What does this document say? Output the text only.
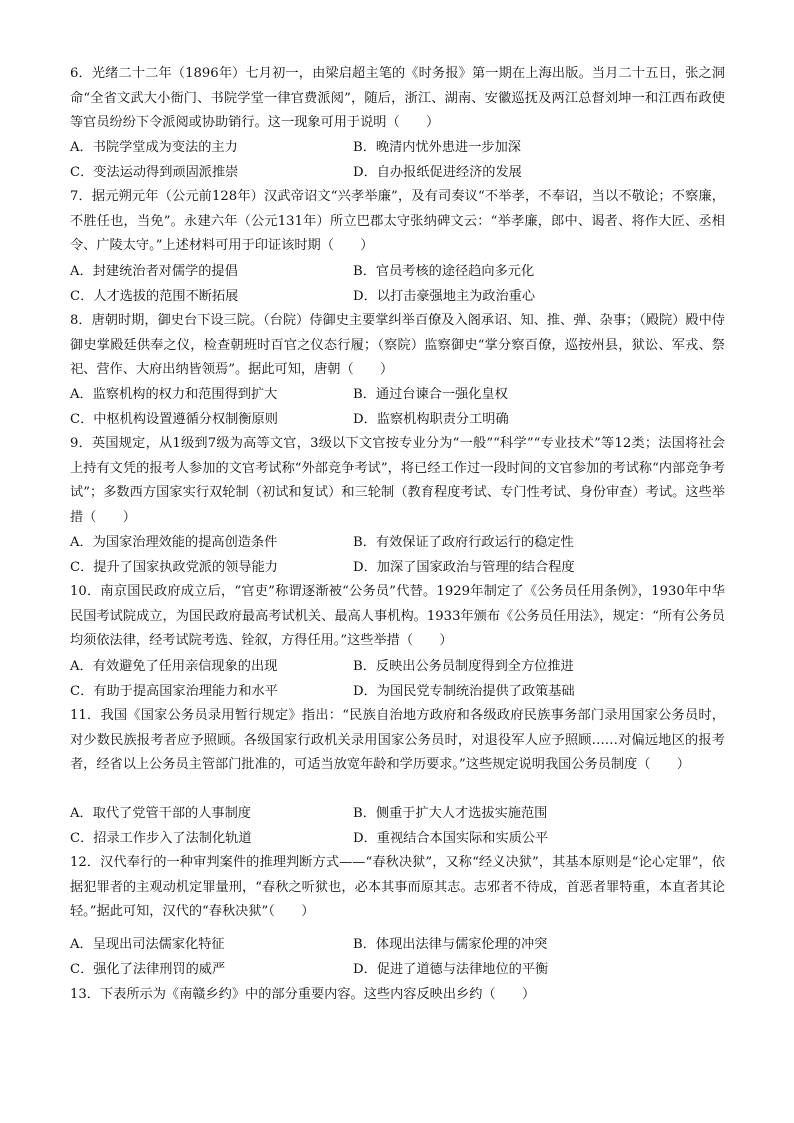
6．光绪二十二年（1896年）七月初一，由梁启超主笔的《时务报》第一期在上海出版。当月二十五日，张之洞命“全省文武大小衙门、书院学堂一律官费派阅”，随后，浙江、湖南、安徽巡抚及两江总督刘坤一和江西布政使等官员纷纷下令派阅或协助销行。这一现象可用于说明（　　）

A．书院学堂成为变法的主力	B．晚清内忧外患进一步加深
C．变法运动得到顽固派推崇	D．自办报纸促进经济的发展

7．据元朔元年（公元前128年）汉武帝诏文“兴孝举廉”，及有司奏议“不举孝，不奉诏，当以不敬论；不察廉，不胜任也，当免”。永建六年（公元131年）所立巴郡太守张纳碑文云：“举孝廉，郎中、谒者、将作大匠、丞相令、广陵太守。”上述材料可用于印证该时期（　　）

A．封建统治者对儒学的提倡	B．官员考核的途径趋向多元化
C．人才选拔的范围不断拓展	D．以打击豪强地主为政治重心

8．唐朝时期，御史台下设三院。（台院）侍御史主要掌纠举百僚及入阁承诏、知、推、弹、杂事；（殿院）殿中侍御史掌殿廷供奉之仪，检查朝班时百官之仪态行履；（察院）监察御史“掌分察百僚，巡按州县，狱讼、军戎、祭祀、营作、大府出纳皆领焉”。据此可知，唐朝（　　）

A．监察机构的权力和范围得到扩大	B．通过台谏合一强化皇权
C．中枢机构设置遵循分权制衡原则	D．监察机构职责分工明确

9．英国规定，从1级到7级为高等文官，3级以下文官按专业分为“一般”“科学”“专业技术”等12类；法国将社会上持有文凭的报考人参加的文官考试称“外部竞争考试”，将已经工作过一段时间的文官参加的考试称“内部竞争考试”；多数西方国家实行双轮制（初试和复试）和三轮制（教育程度考试、专门性考试、身份审查）考试。这些举措（　　）

A．为国家治理效能的提高创造条件	B．有效保证了政府行政运行的稳定性
C．提升了国家执政党派的领导能力	D．加深了国家政治与管理的结合程度

10．南京国民政府成立后，“官吏”称谓逐渐被“公务员”代替。1929年制定了《公务员任用条例》，1930年中华民国考试院成立，为国民政府最高考试机关、最高人事机构。1933年颁布《公务员任用法》，规定：“所有公务员均须依法律，经考试院考选、铨叙，方得任用。”这些举措（　　）

A．有效避免了任用亲信现象的出现	B．反映出公务员制度得到全方位推进
C．有助于提高国家治理能力和水平	D．为国民党专制统治提供了政策基础

11．我国《国家公务员录用暂行规定》指出：“民族自治地方政府和各级政府民族事务部门录用国家公务员时，对少数民族报考者应予照顾。各级国家行政机关录用国家公务员时，对退役军人应予照顾……对偏远地区的报考者，经省以上公务员主管部门批准的，可适当放宽年龄和学历要求。”这些规定说明我国公务员制度（　　）

A．取代了党管干部的人事制度	B．侧重于扩大人才选拔实施范围
C．招录工作步入了法制化轨道	D．重视结合本国实际和实质公平

12．汉代奉行的一种审判案件的推理判断方式——“春秋决狱”，又称“经义决狱”，其基本原则是“论心定罪”，依据犯罪者的主观动机定罪量刑，“春秋之听狱也，必本其事而原其志。志邪者不待成，首恶者罪特重，本直者其论轻。”据此可知，汉代的“春秋决狱”（　　）

A．呈现出司法儒家化特征	B．体现出法律与儒家伦理的冲突
C．强化了法律刑罚的威严	D．促进了道德与法律地位的平衡

13．下表所示为《南赣乡约》中的部分重要内容。这些内容反映出乡约（　　）
